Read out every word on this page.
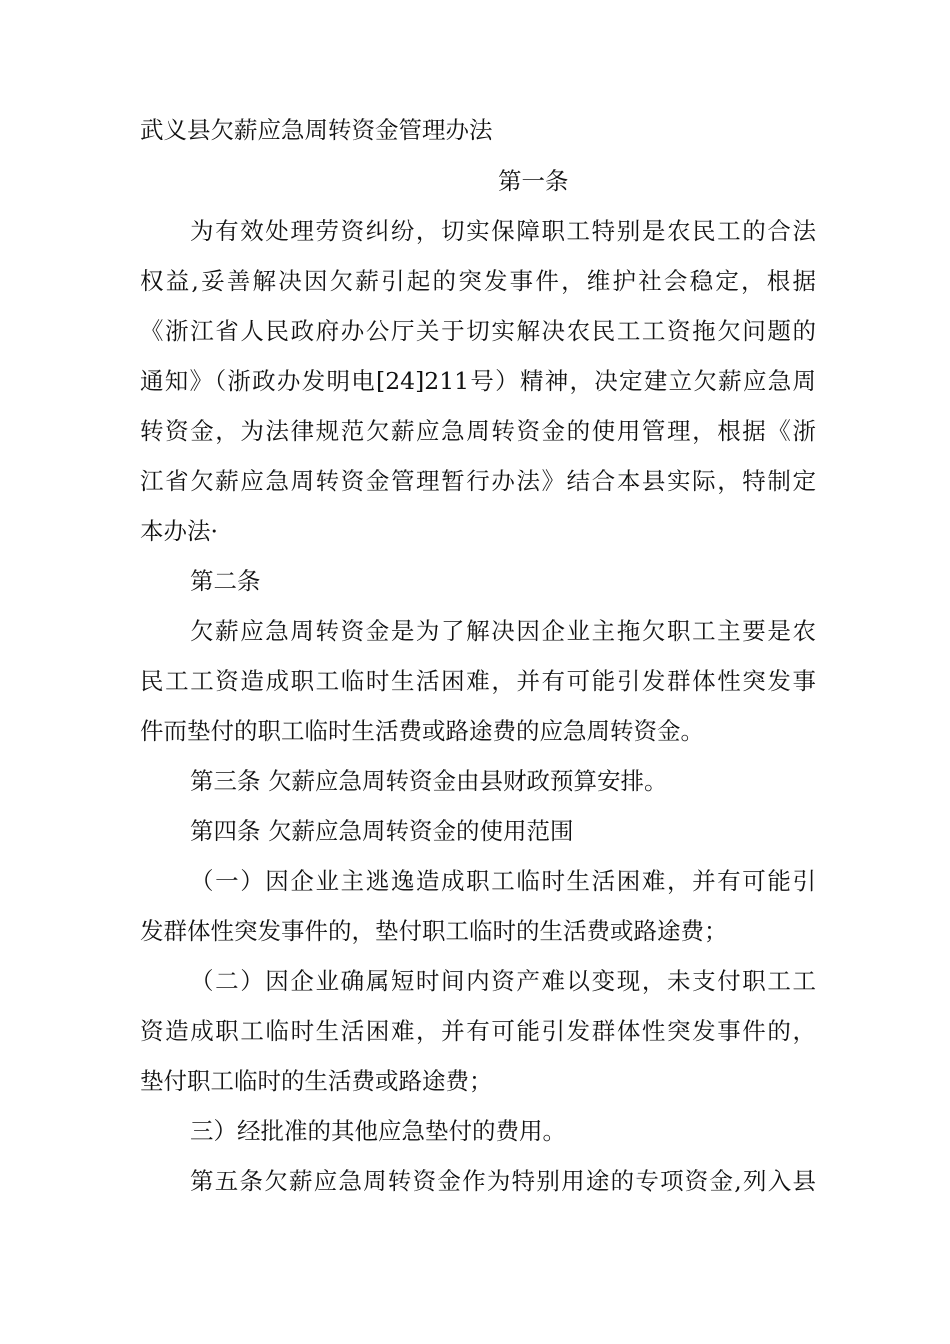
武义县欠薪应急周转资金管理办法
第一条
为有效处理劳资纠纷，切实保障职工特别是农民工的合法
权益,妥善解决因欠薪引起的突发事件，维护社会稳定，根据
《浙江省人民政府办公厅关于切实解决农民工工资拖欠问题的
通知》（浙政办发明电[24]211号）精神，决定建立欠薪应急周
转资金，为法律规范欠薪应急周转资金的使用管理，根据《浙
江省欠薪应急周转资金管理暂行办法》结合本县实际，特制定
本办法·
第二条
欠薪应急周转资金是为了解决因企业主拖欠职工主要是农
民工工资造成职工临时生活困难，并有可能引发群体性突发事
件而垫付的职工临时生活费或路途费的应急周转资金。
第三条 欠薪应急周转资金由县财政预算安排。
第四条 欠薪应急周转资金的使用范围
（一）因企业主逃逸造成职工临时生活困难，并有可能引
发群体性突发事件的，垫付职工临时的生活费或路途费；
（二）因企业确属短时间内资产难以变现，未支付职工工
资造成职工临时生活困难，并有可能引发群体性突发事件的，
垫付职工临时的生活费或路途费；
三）经批准的其他应急垫付的费用。
第五条欠薪应急周转资金作为特别用途的专项资金,列入县
